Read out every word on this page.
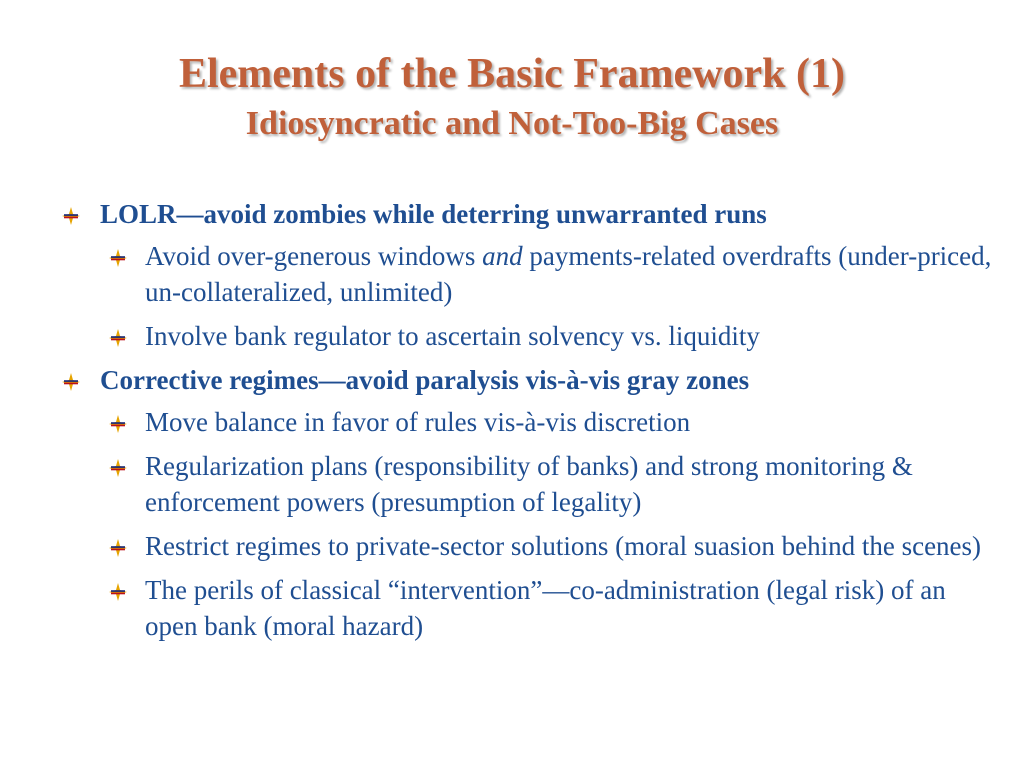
Elements of the Basic Framework (1)
Idiosyncratic and Not-Too-Big Cases
LOLR—avoid zombies while deterring unwarranted runs
Avoid over-generous windows and payments-related overdrafts (under-priced, un-collateralized, unlimited)
Involve bank regulator to ascertain solvency vs. liquidity
Corrective regimes—avoid paralysis vis-à-vis gray zones
Move balance in favor of rules vis-à-vis discretion
Regularization plans (responsibility of banks) and strong monitoring & enforcement powers (presumption of legality)
Restrict regimes to private-sector solutions (moral suasion behind the scenes)
The perils of classical “intervention”—co-administration (legal risk) of an open bank (moral hazard)
